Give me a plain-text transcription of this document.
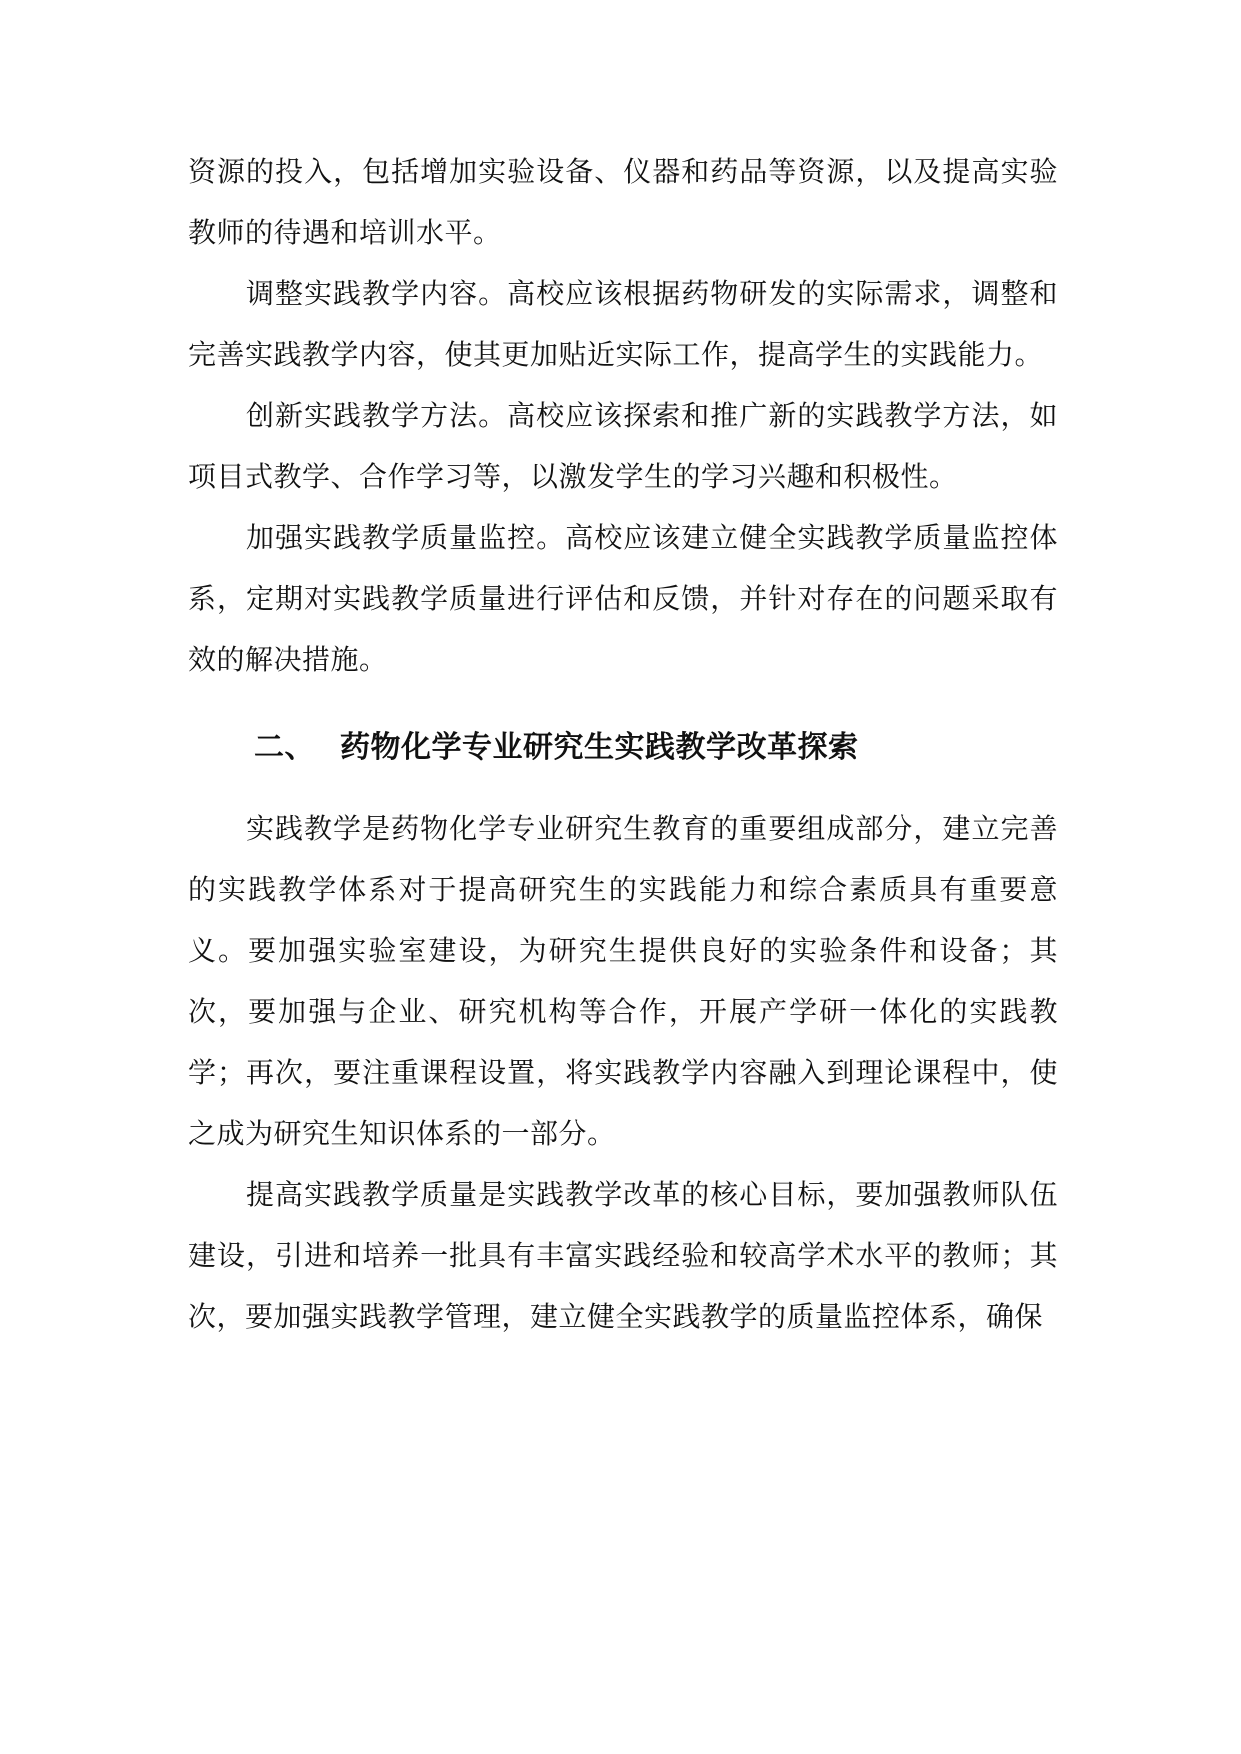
资源的投入，包括增加实验设备、仪器和药品等资源，以及提高实验教师的待遇和培训水平。

调整实践教学内容。高校应该根据药物研发的实际需求，调整和完善实践教学内容，使其更加贴近实际工作，提高学生的实践能力。

创新实践教学方法。高校应该探索和推广新的实践教学方法，如项目式教学、合作学习等，以激发学生的学习兴趣和积极性。

加强实践教学质量监控。高校应该建立健全实践教学质量监控体系，定期对实践教学质量进行评估和反馈，并针对存在的问题采取有效的解决措施。

二、 药物化学专业研究生实践教学改革探索

实践教学是药物化学专业研究生教育的重要组成部分，建立完善的实践教学体系对于提高研究生的实践能力和综合素质具有重要意义。要加强实验室建设，为研究生提供良好的实验条件和设备；其次，要加强与企业、研究机构等合作，开展产学研一体化的实践教学；再次，要注重课程设置，将实践教学内容融入到理论课程中，使之成为研究生知识体系的一部分。

提高实践教学质量是实践教学改革的核心目标，要加强教师队伍建设，引进和培养一批具有丰富实践经验和较高学术水平的教师；其次，要加强实践教学管理，建立健全实践教学的质量监控体系，确保
